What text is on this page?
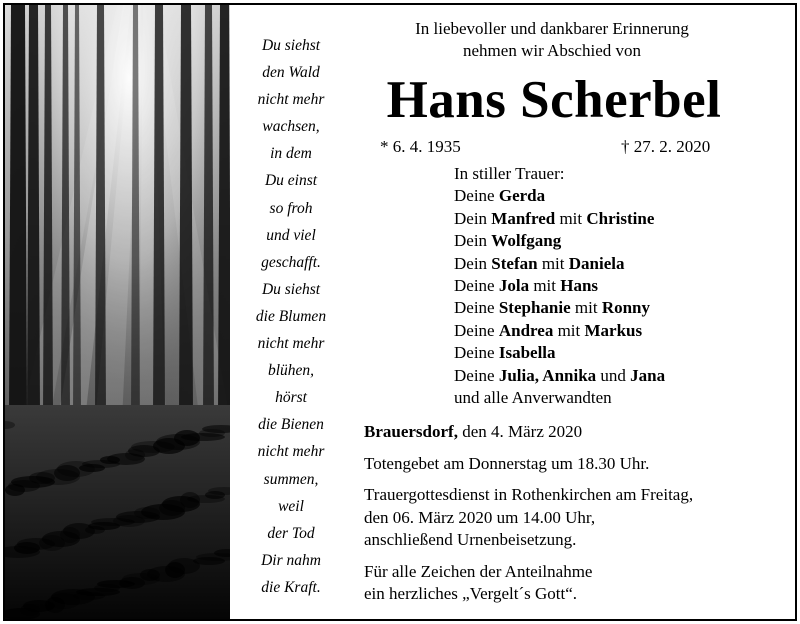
Du siehst
den Wald
nicht mehr
wachsen,
in dem
Du einst
so froh
und viel
geschafft.
Du siehst
die Blumen
nicht mehr
blühen,
hörst
die Bienen
nicht mehr
summen,
weil
der Tod
Dir nahm
die Kraft.
In liebevoller und dankbarer Erinnerung
nehmen wir Abschied von
Hans Scherbel
* 6. 4. 1935	† 27. 2. 2020
In stiller Trauer:
Deine Gerda
Dein Manfred mit Christine
Dein Wolfgang
Dein Stefan mit Daniela
Deine Jola mit Hans
Deine Stephanie mit Ronny
Deine Andrea mit Markus
Deine Isabella
Deine Julia, Annika und Jana
und alle Anverwandten
Brauersdorf, den 4. März 2020
Totengebet am Donnerstag um 18.30 Uhr.
Trauergottesdienst in Rothenkirchen am Freitag,
den 06. März 2020 um 14.00 Uhr,
anschließend Urnenbeisetzung.
Für alle Zeichen der Anteilnahme
ein herzliches „Vergelt´s Gott“.
